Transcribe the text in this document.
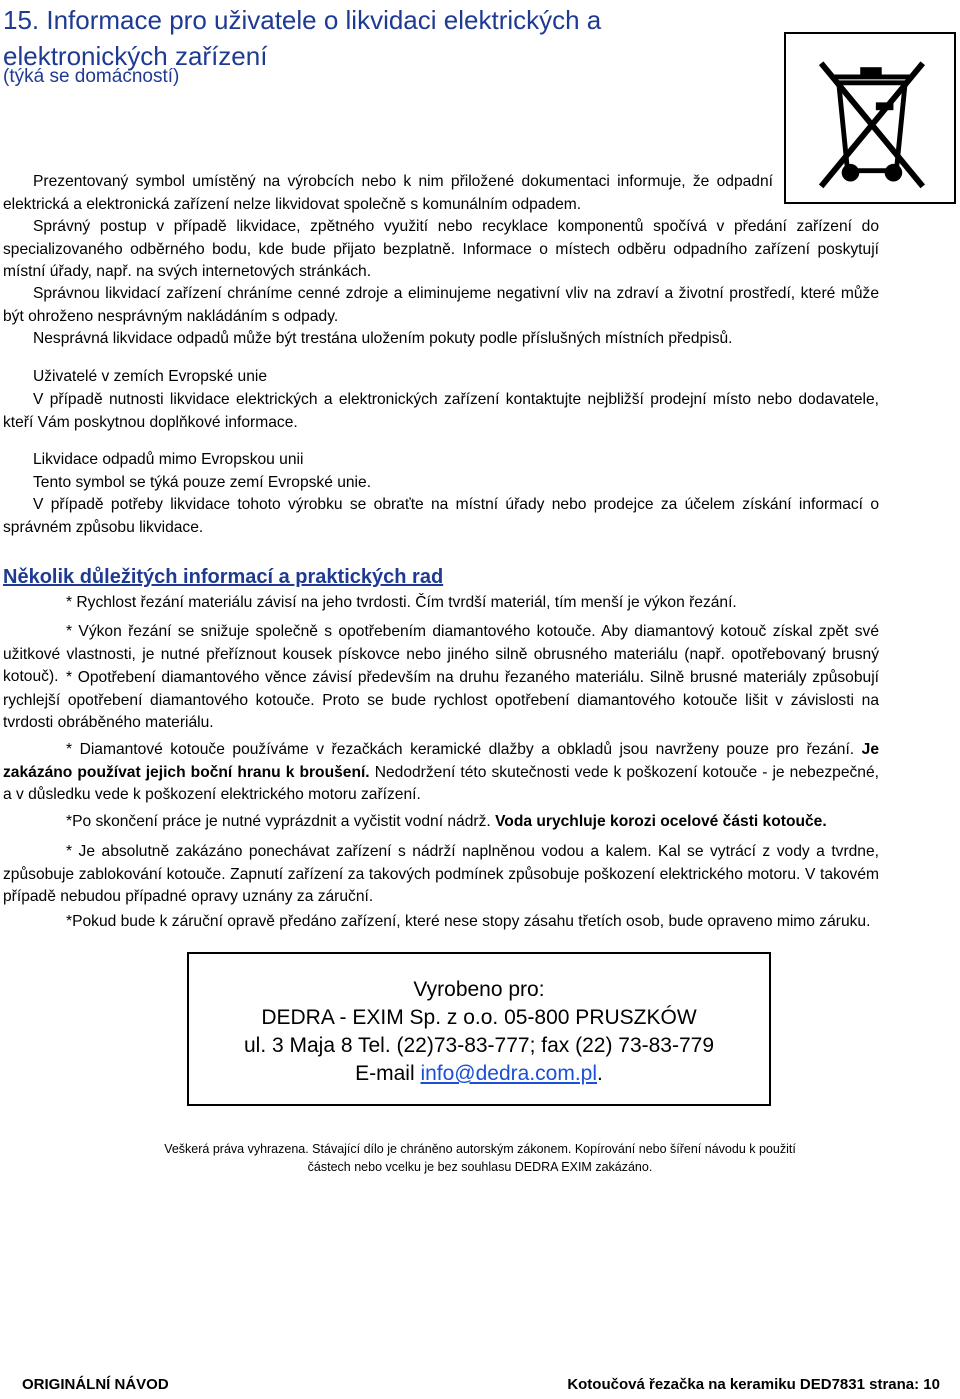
15. Informace pro uživatele o likvidaci elektrických a elektronických zařízení
(týká se domácností)
Prezentovaný symbol umístěný na výrobcích nebo k nim přiložené dokumentaci informuje, že odpadní elektrická a elektronická zařízení nelze likvidovat společně s komunálním odpadem.
Správný postup v případě likvidace, zpětného využití nebo recyklace komponentů spočívá v předání zařízení do specializovaného odběrného bodu, kde bude přijato bezplatně. Informace o místech odběru odpadního zařízení poskytují místní úřady, např. na svých internetových stránkách.
Správnou likvidací zařízení chráníme cenné zdroje a eliminujeme negativní vliv na zdraví a životní prostředí, které může být ohroženo nesprávným nakládáním s odpady.
Nesprávná likvidace odpadů může být trestána uložením pokuty podle příslušných místních předpisů.
Uživatelé v zemích Evropské unie
V případě nutnosti likvidace elektrických a elektronických zařízení kontaktujte nejbližší prodejní místo nebo dodavatele, kteří Vám poskytnou doplňkové informace.
Likvidace odpadů mimo Evropskou unii
Tento symbol se týká pouze zemí Evropské unie.
V případě potřeby likvidace tohoto výrobku se obraťte na místní úřady nebo prodejce za účelem získání informací o správném způsobu likvidace.
Několik důležitých informací a praktických rad
* Rychlost řezání materiálu závisí na jeho tvrdosti. Čím tvrdší materiál, tím menší je výkon řezání.
* Výkon řezání se snižuje společně s opotřebením diamantového kotouče. Aby diamantový kotouč získal zpět své užitkové vlastnosti, je nutné přeříznout kousek pískovce nebo jiného silně obrusného materiálu (např. opotřebovaný brusný kotouč). * Opotřebení diamantového věnce závisí především na druhu řezaného materiálu. Silně brusné materiály způsobují rychlejší opotřebení diamantového kotouče. Proto se bude rychlost opotřebení diamantového kotouče lišit v závislosti na tvrdosti obráběného materiálu.
* Diamantové kotouče používáme v řezačkách keramické dlažby a obkladů jsou navrženy pouze pro řezání. Je zakázáno používat jejich boční hranu k broušení. Nedodržení této skutečnosti vede k poškození kotouče - je nebezpečné, a v důsledku vede k poškození elektrického motoru zařízení.
*Po skončení práce je nutné vyprázdnit a vyčistit vodní nádrž. Voda urychluje korozi ocelové části kotouče.
* Je absolutně zakázáno ponechávat zařízení s nádrží naplněnou vodou a kalem. Kal se vytrácí z vody a tvrdne, způsobuje zablokování kotouče. Zapnutí zařízení za takových podmínek způsobuje poškození elektrického motoru. V takovém případě nebudou případné opravy uznány za záruční.
*Pokud bude k záruční opravě předáno zařízení, které nese stopy zásahu třetích osob, bude opraveno mimo záruku.
Vyrobeno pro:
DEDRA - EXIM Sp. z o.o. 05-800 PRUSZKÓW
ul. 3 Maja 8 Tel. (22)73-83-777; fax (22) 73-83-779
E-mail info@dedra.com.pl.
Veškerá práva vyhrazena. Stávající dílo je chráněno autorským zákonem. Kopírování nebo šíření návodu k použití
částech nebo vcelku je bez souhlasu DEDRA EXIM zakázáno.
ORIGINÁLNÍ NÁVOD	Kotoučová řezačka na keramiku DED7831 strana: 10
